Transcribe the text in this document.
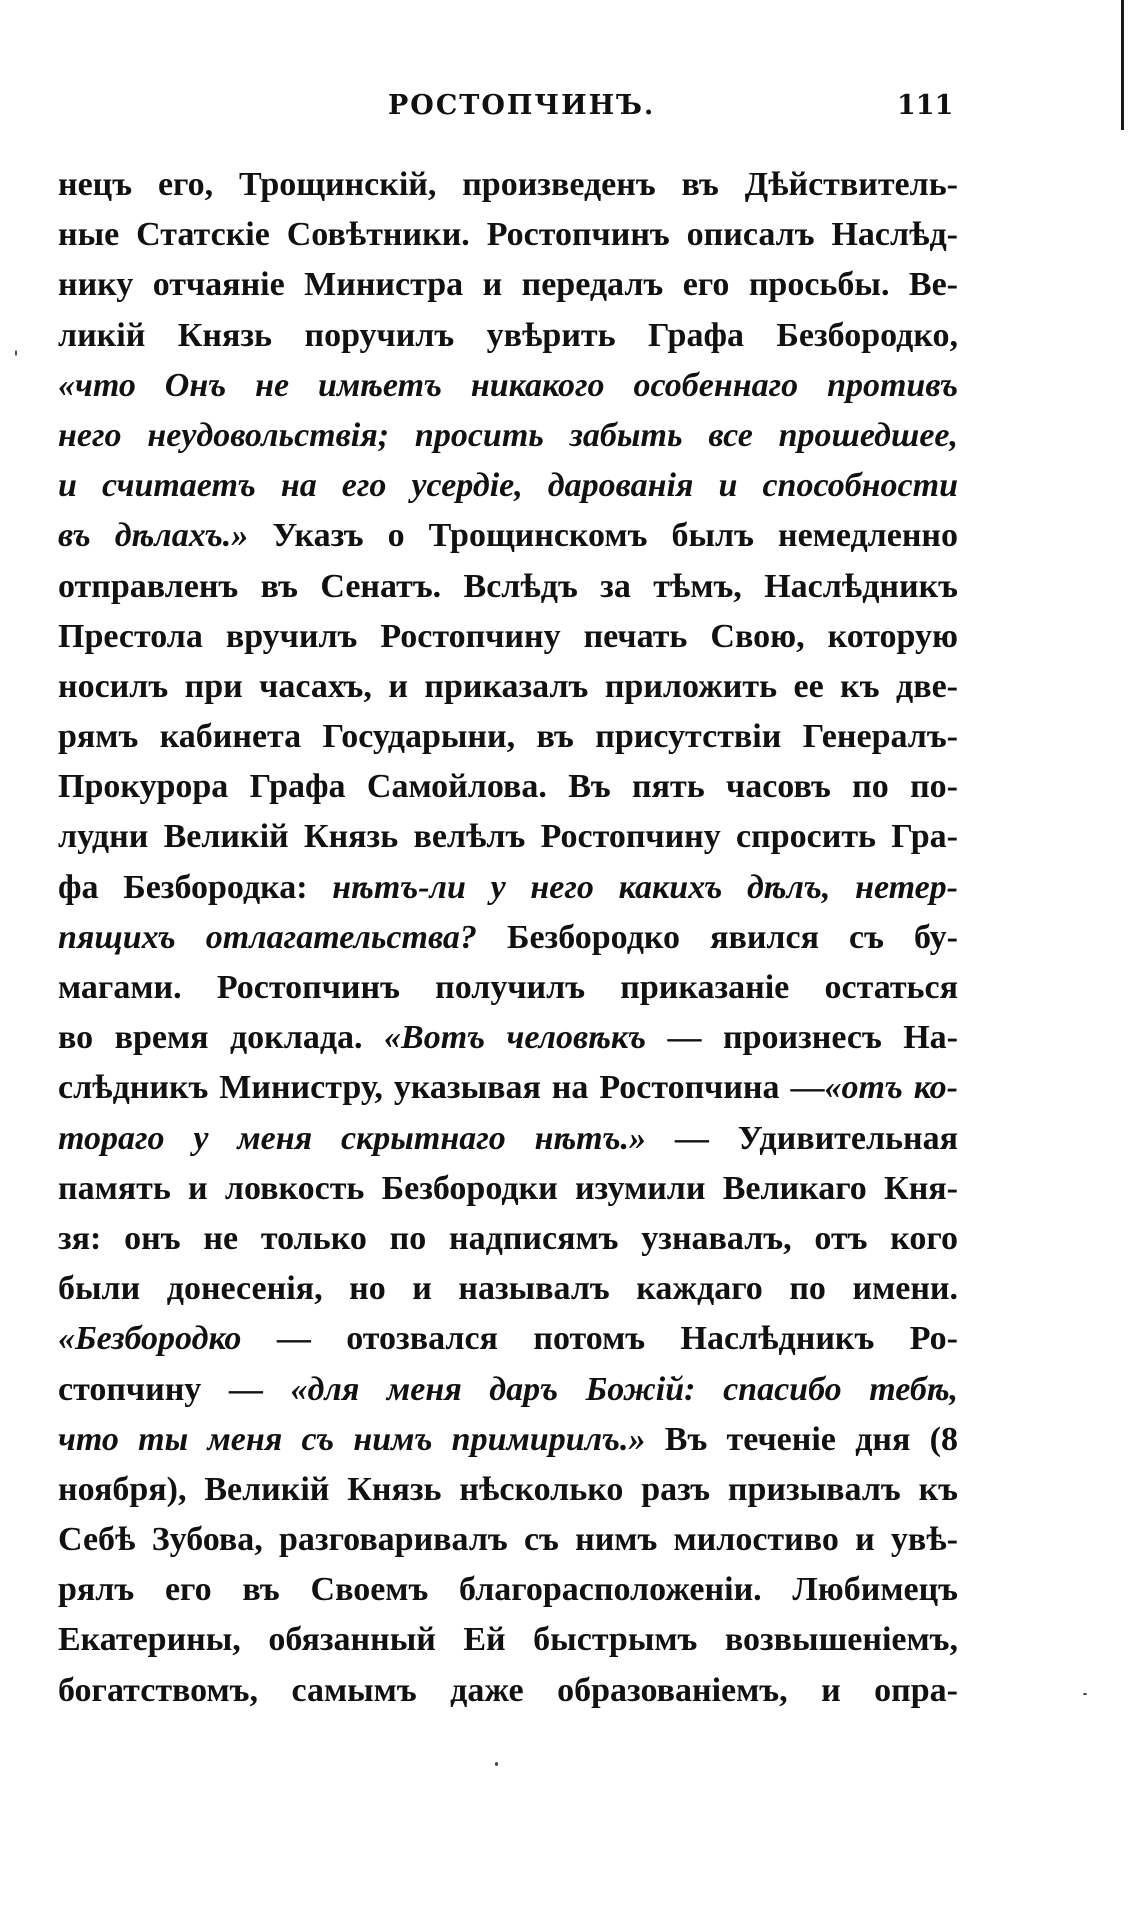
РОСТОПЧИНЪ.	111
нецъ его, Трощинскій, произведенъ въ Дѣйствитель-
ные Статскіе Совѣтники. Ростопчинъ описалъ Наслѣд-
нику отчаяніе Министра и передалъ его просьбы. Ве-
ликій Князь поручилъ увѣрить Графа Безбородко,
«что Онъ не имѣетъ никакого особеннаго противъ
него неудовольствія; просить забыть все прошедшее,
и считаетъ на его усердіе, дарованія и способности
въ дѣлахъ.» Указъ о Трощинскомъ былъ немедленно
отправленъ въ Сенатъ. Вслѣдъ за тѣмъ, Наслѣдникъ
Престола вручилъ Ростопчину печать Свою, которую
носилъ при часахъ, и приказалъ приложить ее къ две-
рямъ кабинета Государыни, въ присутствіи Генералъ-
Прокурора Графа Самойлова. Въ пять часовъ по по-
лудни Великій Князь велѣлъ Ростопчину спросить Гра-
фа Безбородка: нѣтъ-ли у него какихъ дѣлъ, нетер-
пящихъ отлагательства? Безбородко явился съ бу-
магами. Ростопчинъ получилъ приказаніе остаться
во время доклада. «Вотъ человѣкъ — произнесъ На-
слѣдникъ Министру, указывая на Ростопчина —«отъ ко-
тораго у меня скрытнаго нѣтъ.» — Удивительная
память и ловкость Безбородки изумили Великаго Кня-
зя: онъ не только по надписямъ узнавалъ, отъ кого
были донесенія, но и называлъ каждаго по имени.
«Безбородко — отозвался потомъ Наслѣдникъ Ро-
стопчину — «для меня даръ Божій: спасибо тебѣ,
что ты меня съ нимъ примирилъ.» Въ теченіе дня (8
ноября), Великій Князь нѣсколько разъ призывалъ къ
Себѣ Зубова, разговаривалъ съ нимъ милостиво и увѣ-
рялъ его въ Своемъ благорасположеніи. Любимецъ
Екатерины, обязанный Ей быстрымъ возвышеніемъ,
богатствомъ, самымъ даже образованіемъ, и опра-
